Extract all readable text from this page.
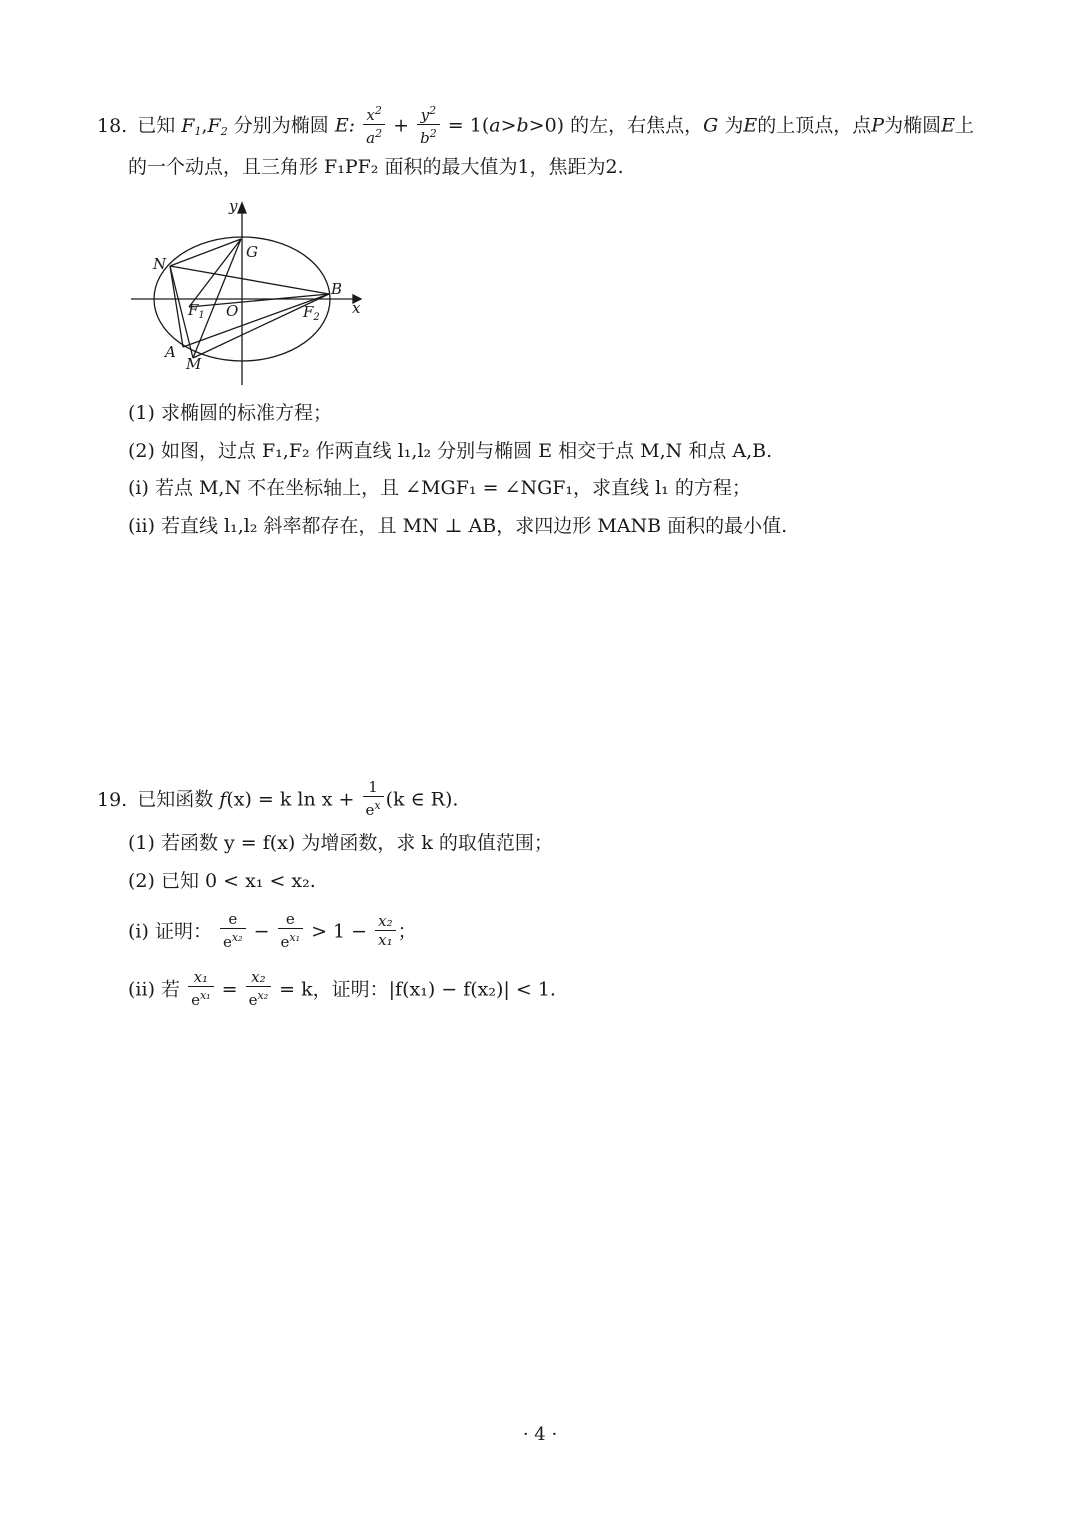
18. 已知 $F_1,F_2$ 分别为椭圆 E: $\frac{x^2}{a^2} + \frac{y^2}{b^2} = 1(a>b>0)$ 的左，右焦点，G 为E的上顶点，点P为椭圆E上
的一个动点，且三角形 F₁PF₂ 面积的最大值为1，焦距为2.
y
G
N
B
x
$F_1$ O	$F_2$
A
M
(1) 求椭圆的标准方程；
(2) 如图，过点 F₁,F₂ 作两直线 l₁,l₂ 分别与椭圆 E 相交于点 M,N 和点 A,B.
(i) 若点 M,N 不在坐标轴上，且 ∠MGF₁ = ∠NGF₁，求直线 l₁ 的方程；
(ii) 若直线 l₁,l₂ 斜率都存在，且 MN ⊥ AB，求四边形 MANB 面积的最小值.
19. 已知函数 f(x) = k $\ln x + \frac{1}{e^x} (k$ ∈ R).
(1) 若函数 y = f(x) 为增函数，求 k 的取值范围；
(2) 已知 0 < x₁ < x₂.
(i) 证明： $\frac{e}{e^{x_2}} - \frac{e}{e^{x_1}} > 1 - \frac{\text{x₂}}{\text{x₁}}$ ；
(ii) 若 $\frac{\text{x₁}}{e^{x_1}} = \frac{\text{x₂}}{e^{x_2}} = k$，证明：|f(x₁) − f(x₂)| < 1.
· 4 ·
